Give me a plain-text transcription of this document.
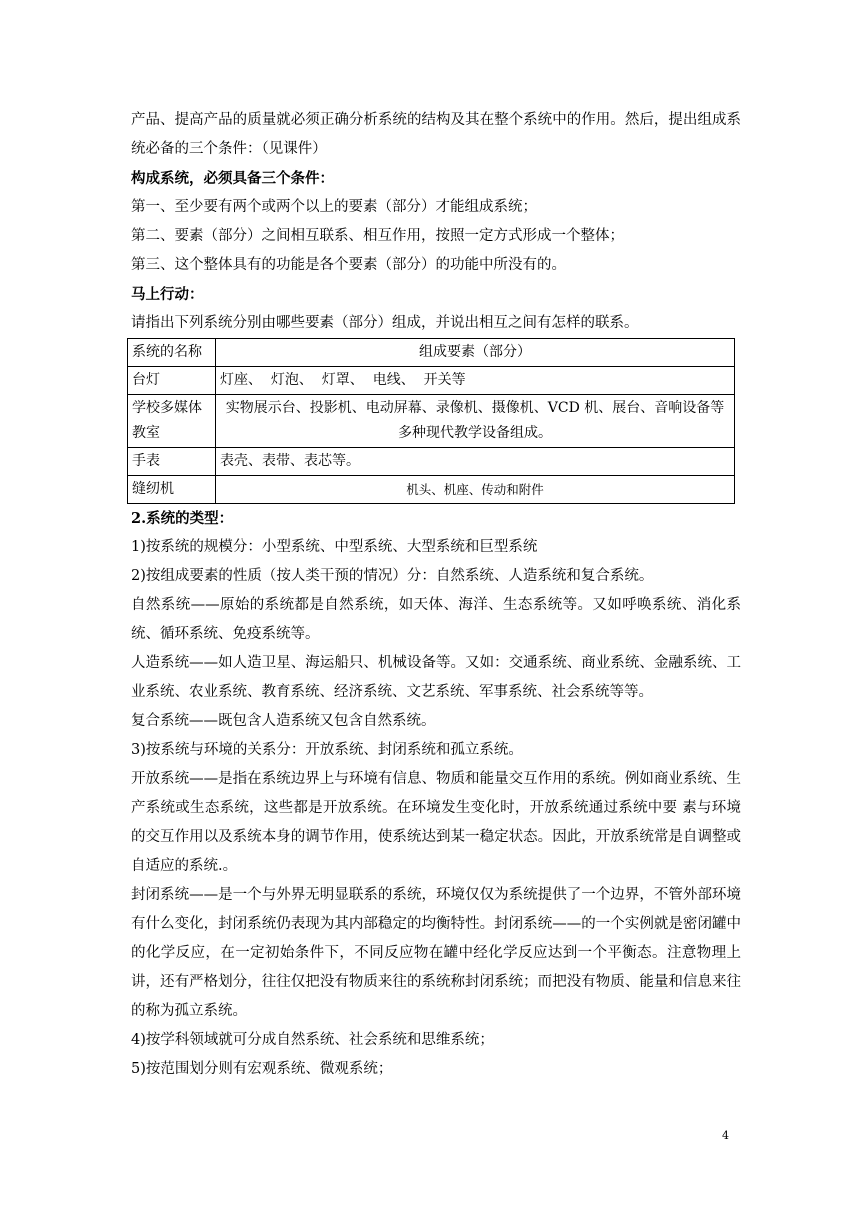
产品、提高产品的质量就必须正确分析系统的结构及其在整个系统中的作用。然后，提出组成系统必备的三个条件：（见课件）

构成系统，必须具备三个条件：

第一、至少要有两个或两个以上的要素（部分）才能组成系统；

第二、要素（部分）之间相互联系、相互作用，按照一定方式形成一个整体；

第三、这个整体具有的功能是各个要素（部分）的功能中所没有的。

马上行动：

请指出下列系统分别由哪些要素（部分）组成，并说出相互之间有怎样的联系。

系统的名称	组成要素（部分）
台灯	灯座、  灯泡、  灯罩、  电线、  开关等
学校多媒体教室	实物展示台、投影机、电动屏幕、录像机、摄像机、VCD 机、展台、音响设备等多种现代教学设备组成。
手表	表壳、表带、表芯等。
缝纫机	机头、机座、传动和附件

2.系统的类型：

1)按系统的规模分：小型系统、中型系统、大型系统和巨型系统

2)按组成要素的性质（按人类干预的情况）分：自然系统、人造系统和复合系统。

自然系统——原始的系统都是自然系统，如天体、海洋、生态系统等。又如呼唤系统、消化系统、循环系统、免疫系统等。

人造系统——如人造卫星、海运船只、机械设备等。又如：交通系统、商业系统、金融系统、工业系统、农业系统、教育系统、经济系统、文艺系统、军事系统、社会系统等等。

复合系统——既包含人造系统又包含自然系统。

3)按系统与环境的关系分：开放系统、封闭系统和孤立系统。

开放系统——是指在系统边界上与环境有信息、物质和能量交互作用的系统。例如商业系统、生产系统或生态系统，这些都是开放系统。在环境发生变化时，开放系统通过系统中要 素与环境的交互作用以及系统本身的调节作用，使系统达到某一稳定状态。因此，开放系统常是自调整或自适应的系统.。

封闭系统——是一个与外界无明显联系的系统，环境仅仅为系统提供了一个边界，不管外部环境有什么变化，封闭系统仍表现为其内部稳定的均衡特性。封闭系统——的一个实例就是密闭罐中的化学反应，在一定初始条件下，不同反应物在罐中经化学反应达到一个平衡态。注意物理上讲，还有严格划分，往往仅把没有物质来往的系统称封闭系统；而把没有物质、能量和信息来往的称为孤立系统。

4)按学科领域就可分成自然系统、社会系统和思维系统；

5)按范围划分则有宏观系统、微观系统；

4
